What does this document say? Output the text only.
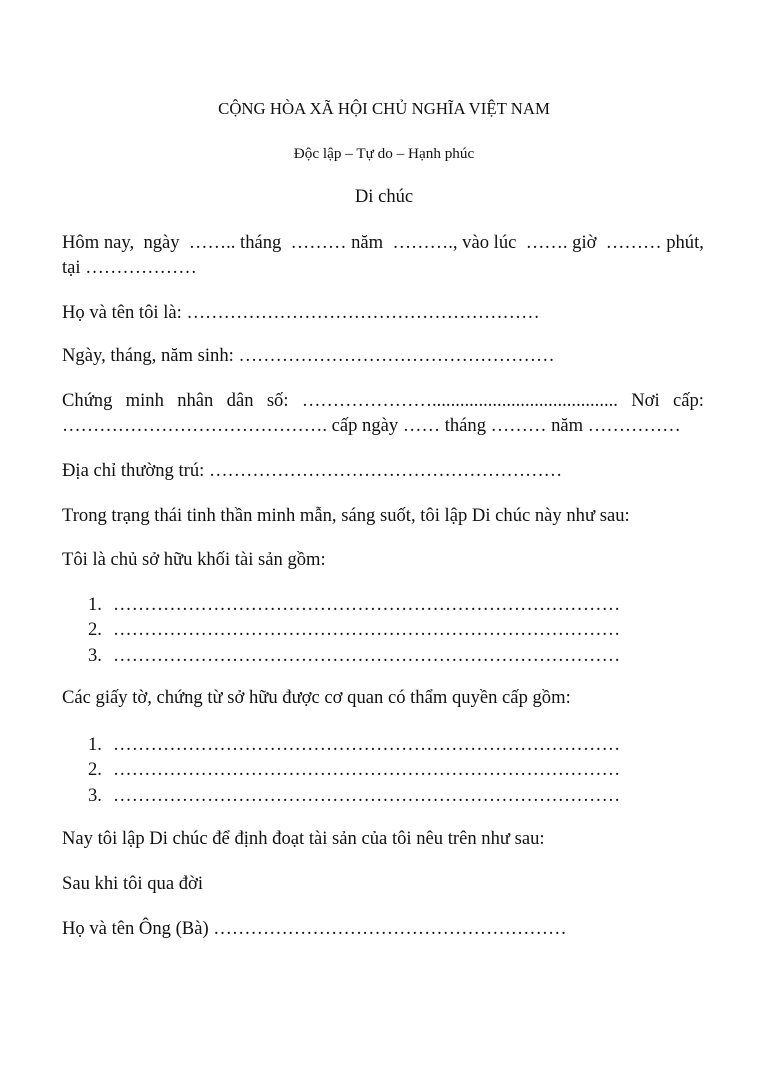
CỘNG HÒA XÃ HỘI CHỦ NGHĨA VIỆT NAM
Độc lập – Tự do – Hạnh phúc
Di chúc
Hôm nay, ngày …….. tháng ……… năm ………., vào lúc ……. giờ ……… phút,
tại ………………
Họ và tên tôi là: …………………………………………………
Ngày, tháng, năm sinh: ……………………………………………
Chứng minh nhân dân số: …………………........................................ Nơi cấp:
……………………………………. cấp ngày …… tháng ……… năm ……………
Địa chỉ thường trú: …………………………………………………
Trong trạng thái tinh thần minh mẫn, sáng suốt, tôi lập Di chúc này như sau:
Tôi là chủ sở hữu khối tài sản gồm:
1. ………………………………………………………………………
2. ………………………………………………………………………
3. ………………………………………………………………………
Các giấy tờ, chứng từ sở hữu được cơ quan có thẩm quyền cấp gồm:
1. ………………………………………………………………………
2. ………………………………………………………………………
3. ………………………………………………………………………
Nay tôi lập Di chúc để định đoạt tài sản của tôi nêu trên như sau:
Sau khi tôi qua đời
Họ và tên Ông (Bà) …………………………………………………
